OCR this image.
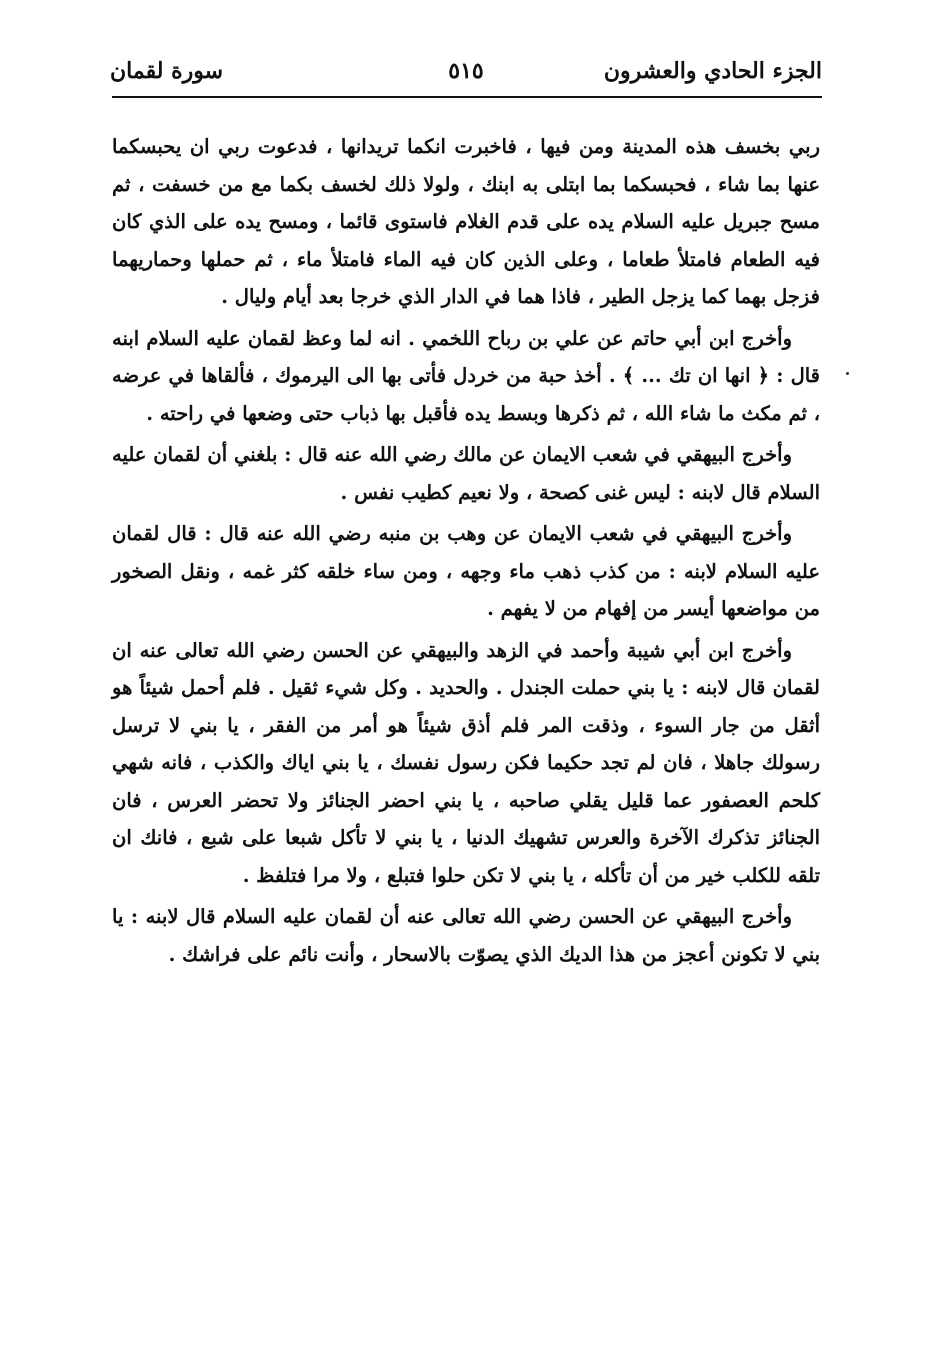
الجزء الحادي والعشرون
٥١٥
سورة لقمان

ربي بخسف هذه المدينة ومن فيها ، فاخبرت انكما تريدانها ، فدعوت ربي ان يحبسكما عنها بما شاء ، فحبسكما بما ابتلى به ابنك ، ولولا ذلك لخسف بكما مع من خسفت ، ثم مسح جبريل عليه السلام يده على قدم الغلام فاستوى قائما ، ومسح يده على الذي كان فيه الطعام فامتلأ طعاما ، وعلى الذين كان فيه الماء فامتلأ ماء ، ثم حملها وحماريهما فزجل بهما كما يزجل الطير ، فاذا هما في الدار الذي خرجا بعد أيام وليال .

وأخرج ابن أبي حاتم عن علي بن رباح اللخمي . انه لما وعظ لقمان عليه السلام ابنه قال : ﴿ انها ان تك ... ﴾ . أخذ حبة من خردل فأتى بها الى اليرموك ، فألقاها في عرضه ، ثم مكث ما شاء الله ، ثم ذكرها وبسط يده فأقبل بها ذباب حتى وضعها في راحته .

وأخرج البيهقي في شعب الايمان عن مالك رضي الله عنه قال : بلغني أن لقمان عليه السلام قال لابنه : ليس غنى كصحة ، ولا نعيم كطيب نفس .

وأخرج البيهقي في شعب الايمان عن وهب بن منبه رضي الله عنه قال : قال لقمان عليه السلام لابنه : من كذب ذهب ماء وجهه ، ومن ساء خلقه كثر غمه ، ونقل الصخور من مواضعها أيسر من إفهام من لا يفهم .

وأخرج ابن أبي شيبة وأحمد في الزهد والبيهقي عن الحسن رضي الله تعالى عنه ان لقمان قال لابنه : يا بني حملت الجندل . والحديد . وكل شيء ثقيل . فلم أحمل شيئاً هو أثقل من جار السوء ، وذقت المر فلم أذق شيئاً هو أمر من الفقر ، يا بني لا ترسل رسولك جاهلا ، فان لم تجد حكيما فكن رسول نفسك ، يا بني اياك والكذب ، فانه شهي كلحم العصفور عما قليل يقلي صاحبه ، يا بني احضر الجنائز ولا تحضر العرس ، فان الجنائز تذكرك الآخرة والعرس تشهيك الدنيا ، يا بني لا تأكل شبعا على شبع ، فانك ان تلقه للكلب خير من أن تأكله ، يا بني لا تكن حلوا فتبلع ، ولا مرا فتلفظ .

وأخرج البيهقي عن الحسن رضي الله تعالى عنه أن لقمان عليه السلام قال لابنه : يا بني لا تكونن أعجز من هذا الديك الذي يصوّت بالاسحار ، وأنت نائم على فراشك .
